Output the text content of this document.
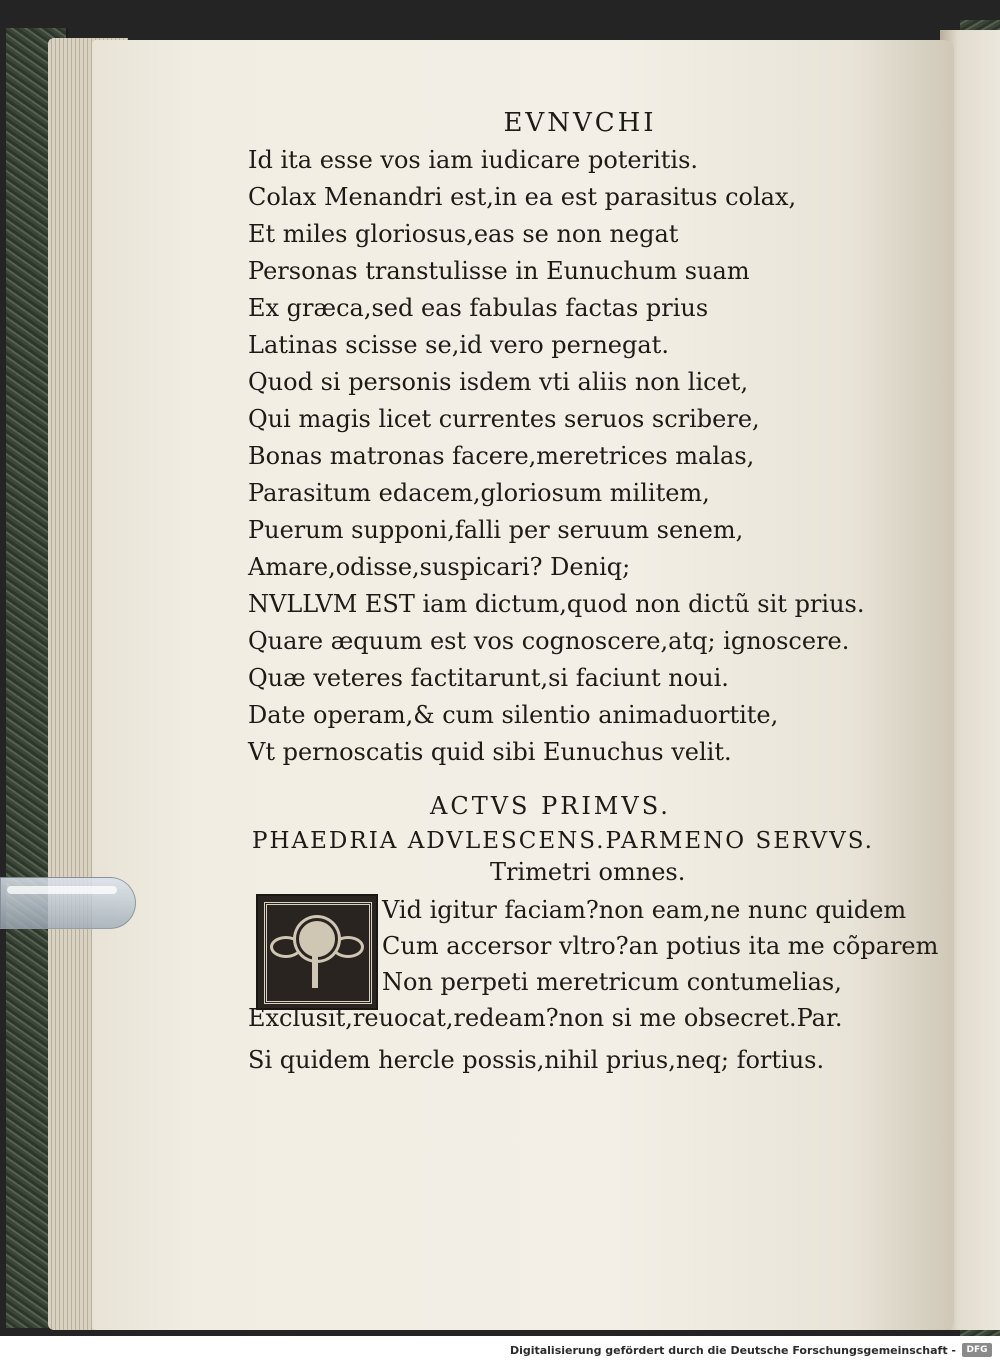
EVNVCHI

Id ita esse vos iam iudicare poteritis.

Colax Menandri est,in ea est parasitus colax,

Et miles gloriosus,eas se non negat

Personas transtulisse in Eunuchum suam

Ex græca,sed eas fabulas factas prius

Latinas scisse se,id vero pernegat.

Quod si personis isdem vti aliis non licet,

Qui magis licet currentes seruos scribere,

Bonas matronas facere,meretrices malas,

Parasitum edacem,gloriosum militem,

Puerum supponi,falli per seruum senem,

Amare,odisse,suspicari? Deniq;

NVLLVM EST iam dictum,quod non dictũ sit prius.

Quare æquum est vos cognoscere,atq; ignoscere.

Quæ veteres factitarunt,si faciunt noui.

Date operam,& cum silentio animaduortite,

Vt pernoscatis quid sibi Eunuchus velit.

ACTVS PRIMVS.
PHAEDRIA ADVLESCENS.PARMENO SERVVS.
Trimetri omnes.

Vid igitur faciam?non eam,ne nunc quidem

Cum accersor vltro?an potius ita me cõparem

Non perpeti meretricum contumelias,

Exclusit,reuocat,redeam?non si me obsecret.Par.

Si quidem hercle possis,nihil prius,neq; fortius.

Digitalisierung gefördert durch die Deutsche Forschungsgemeinschaft -	DFG
